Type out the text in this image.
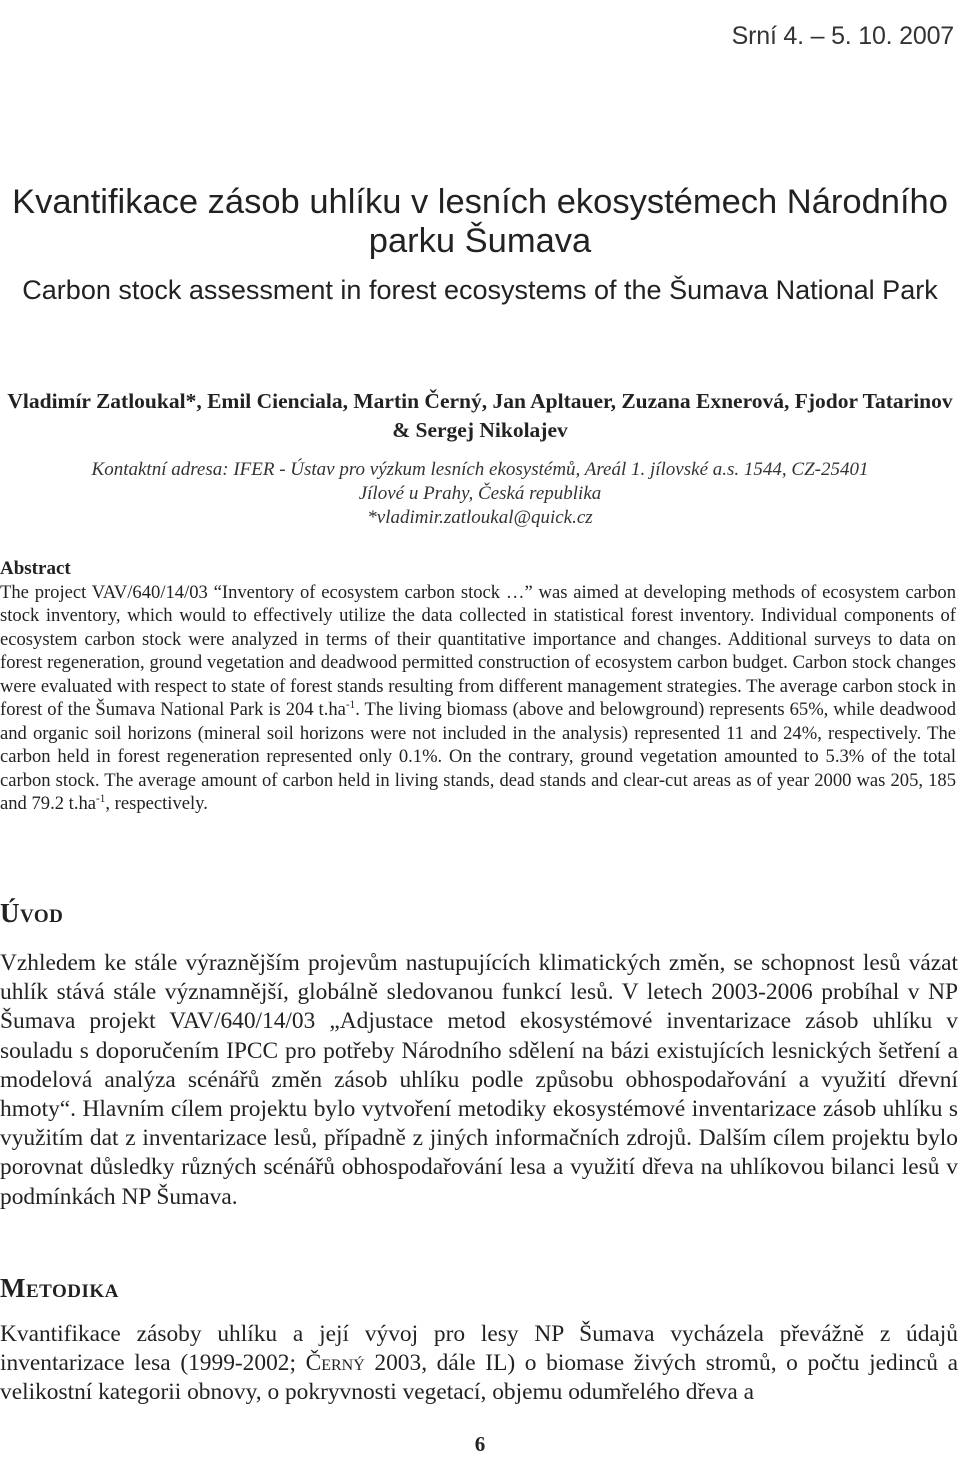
Srní 4. – 5. 10. 2007
Kvantifikace zásob uhlíku v lesních ekosystémech Národního parku Šumava
Carbon stock assessment in forest ecosystems of the Šumava National Park
Vladimír Zatloukal*, Emil Cienciala, Martin Černý, Jan Apltauer, Zuzana Exnerová, Fjodor Tatarinov & Sergej Nikolajev
Kontaktní adresa: IFER - Ústav pro výzkum lesních ekosystémů, Areál 1. jílovské a.s. 1544, CZ-25401
Jílové u Prahy, Česká republika
*vladimir.zatloukal@quick.cz

Abstract

The project VAV/640/14/03 “Inventory of ecosystem carbon stock …” was aimed at developing methods of ecosystem carbon stock inventory, which would to effectively utilize the data collected in statistical forest inventory. Individual components of ecosystem carbon stock were analyzed in terms of their quantitative importance and changes. Additional surveys to data on forest regeneration, ground vegetation and deadwood permitted construction of ecosystem carbon budget. Carbon stock changes were evaluated with respect to state of forest stands resulting from different management strategies. The average carbon stock in forest of the Šumava National Park is 204 $t.ha^{-1}$. The living biomass (above and belowground) represents 65%, while deadwood and organic soil horizons (mineral soil horizons were not included in the analysis) represented 11 and 24%, respectively. The carbon held in forest regeneration represented only 0.1%. On the contrary, ground vegetation amounted to 5.3% of the total carbon stock. The average amount of carbon held in living stands, dead stands and clear-cut areas as of year 2000 was 205, 185 and 79.2 $t.ha^{-1}$, respectively.

Úvod

Vzhledem ke stále výraznějším projevům nastupujících klimatických změn, se schopnost lesů vázat uhlík stává stále významnější, globálně sledovanou funkcí lesů. V letech 2003-2006 probíhal v NP Šumava projekt VAV/640/14/03 „Adjustace metod ekosystémové inventarizace zásob uhlíku v souladu s doporučením IPCC pro potřeby Národního sdělení na bázi existujících lesnických šetření a modelová analýza scénářů změn zásob uhlíku podle způsobu obhospodařování a využití dřevní hmoty“. Hlavním cílem projektu bylo vytvoření metodiky ekosystémové inventarizace zásob uhlíku s využitím dat z inventarizace lesů, případně z jiných informačních zdrojů. Dalším cílem projektu bylo porovnat důsledky různých scénářů obhospodařování lesa a využití dřeva na uhlíkovou bilanci lesů v podmínkách NP Šumava.

Metodika

Kvantifikace zásoby uhlíku a její vývoj pro lesy NP Šumava vycházela převážně z údajů inventarizace lesa (1999-2002; Černý 2003, dále IL) o biomase živých stromů, o počtu jedinců a velikostní kategorii obnovy, o pokryvnosti vegetací, objemu odumřelého dřeva a

6
